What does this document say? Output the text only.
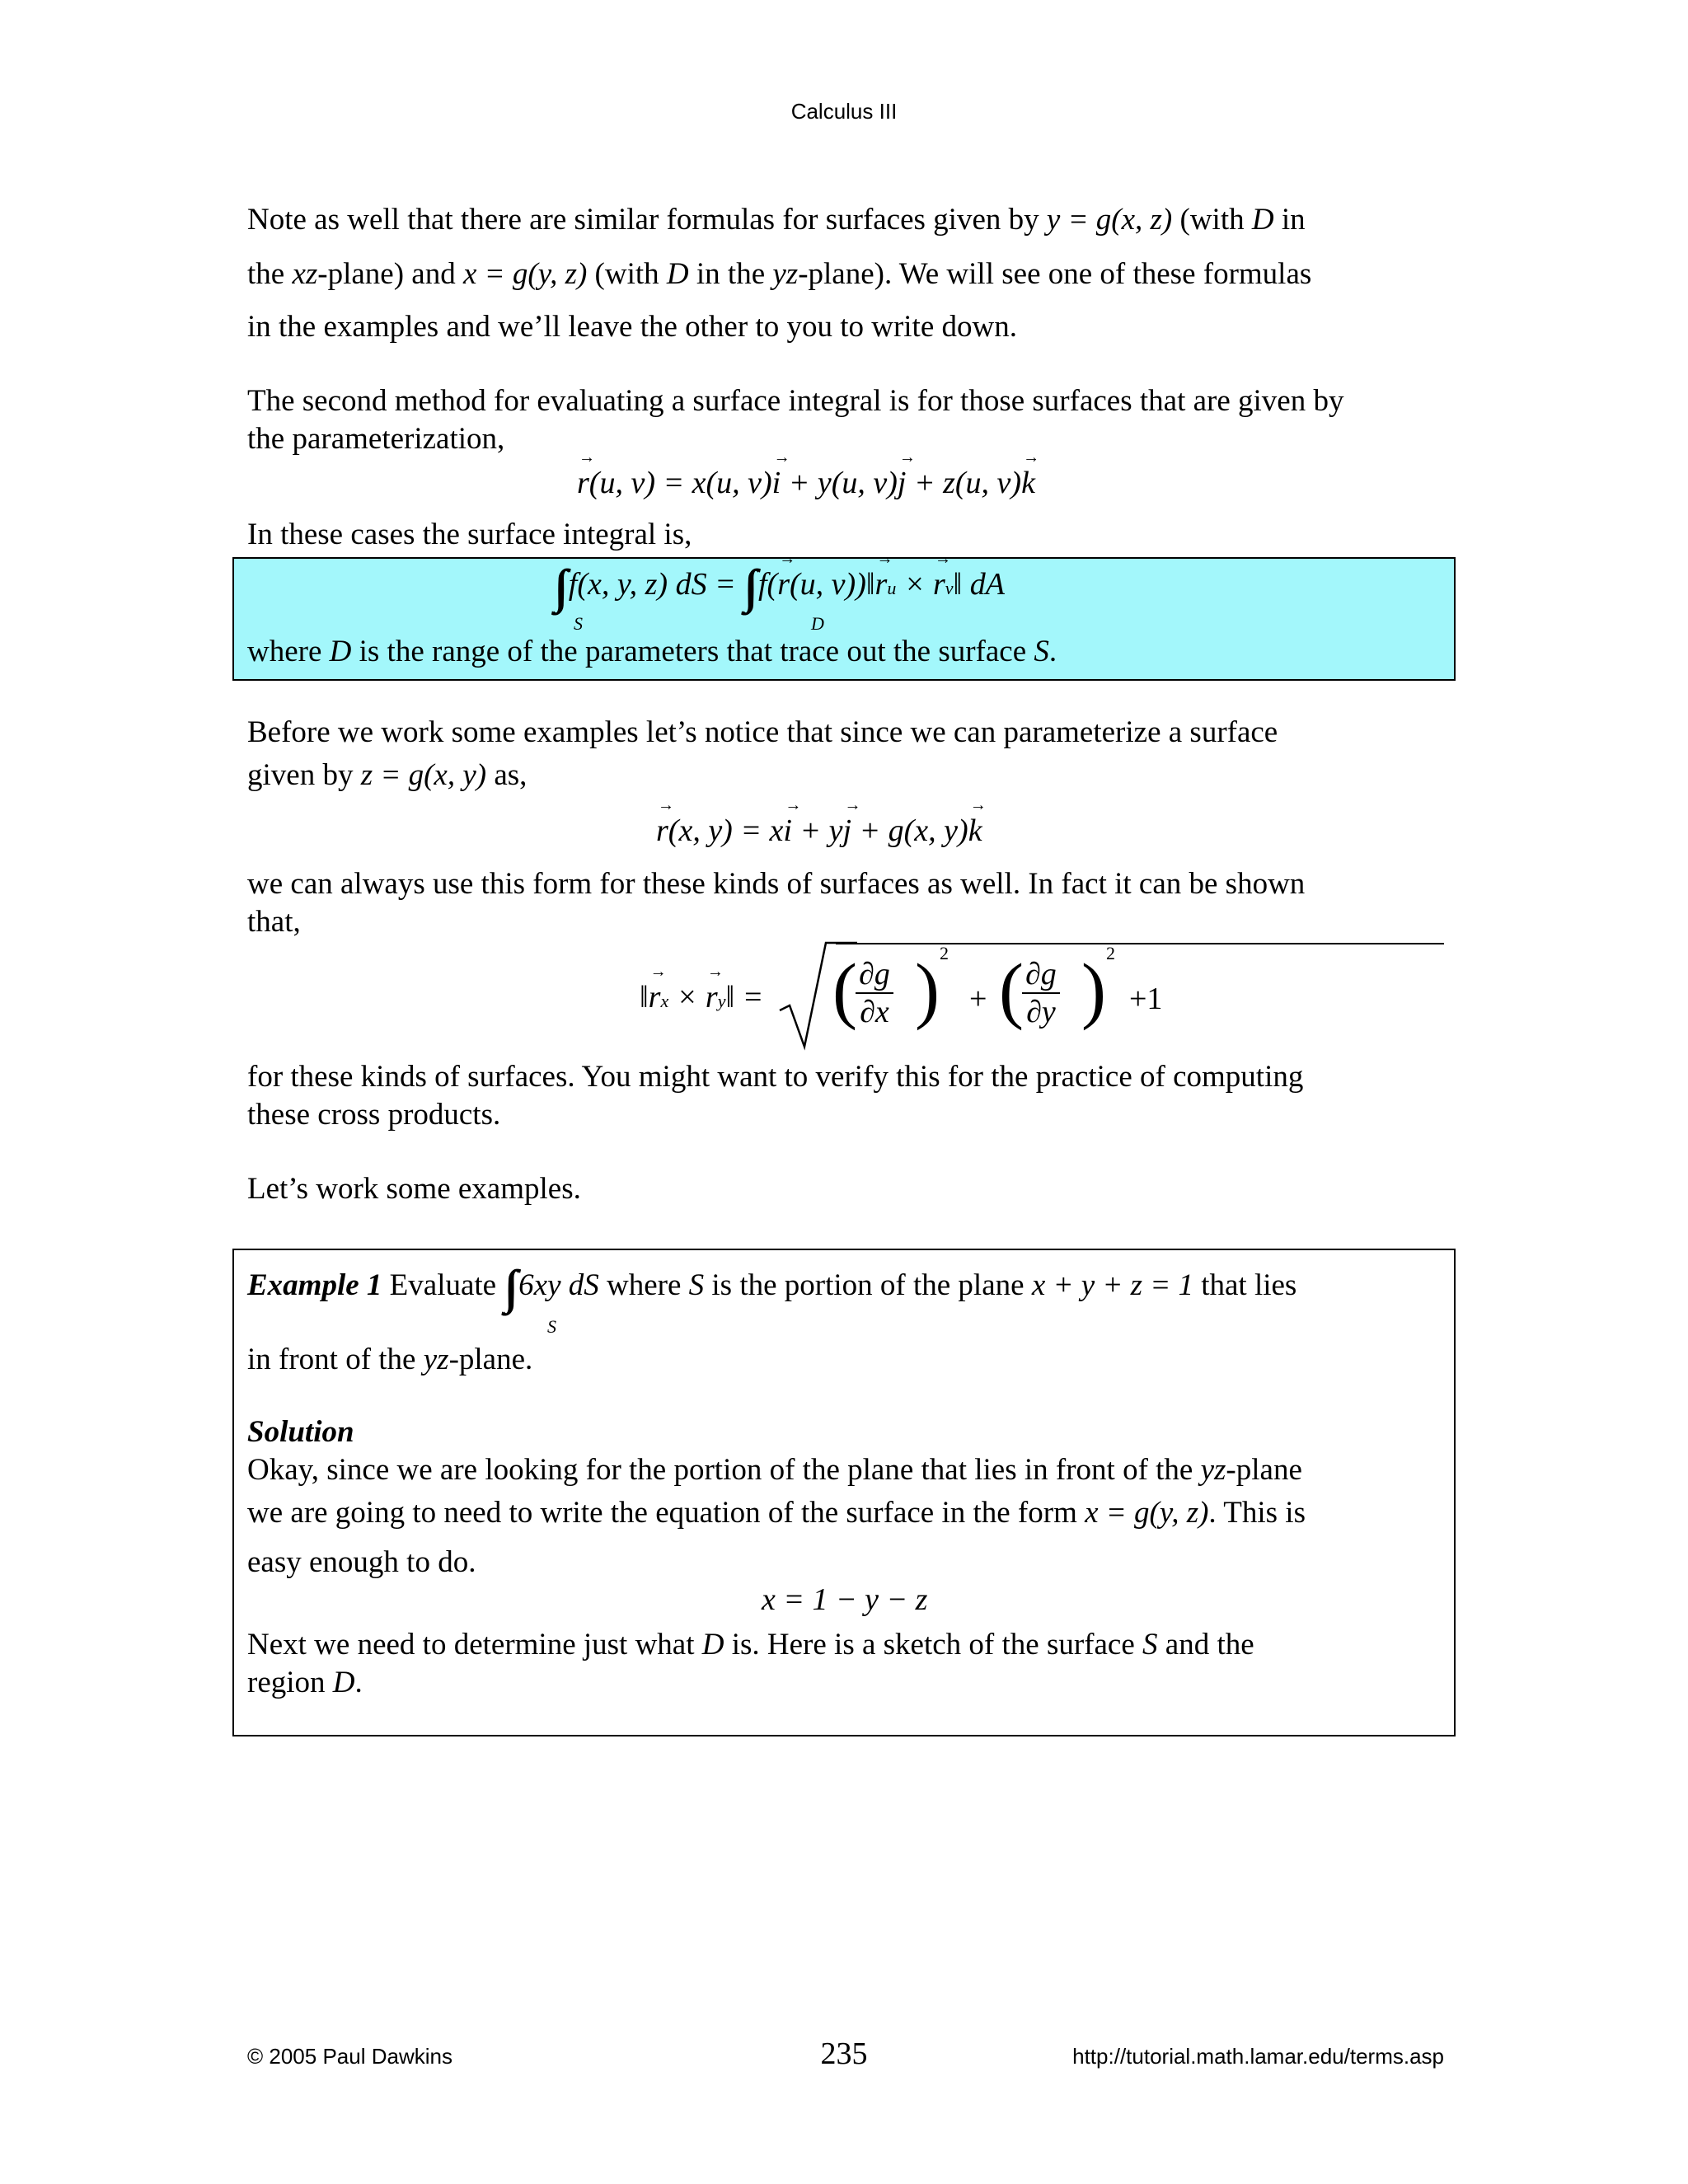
Calculus III
Note as well that there are similar formulas for surfaces given by y = g(x, z) (with D in
the xz-plane) and x = g(y, z) (with D in the yz-plane). We will see one of these formulas
in the examples and we’ll leave the other to you to write down.
The second method for evaluating a surface integral is for those surfaces that are given by
the parameterization,
→ r(u, v) = x(u, v)→ i + y(u, v)→ j + z(u, v)→ k
In these cases the surface integral is,
∫∫ f(x, y, z) dS = ∫∫ f(→ r(u, v))‖→ ru × → rv‖ dA
S	D
where D is the range of the parameters that trace out the surface S.
Before we work some examples let’s notice that since we can parameterize a surface
given by z = g(x, y) as,
→ r(x, y) = x→ i + y→ j + g(x, y)→ k
we can always use this form for these kinds of surfaces as well. In fact it can be shown
that,
‖→ rx × → ry‖ = (
$\frac{\partial g}{\partial x}$ ) 2
+ (
$\frac{\partial g}{\partial y}$ ) 2
+1
for these kinds of surfaces. You might want to verify this for the practice of computing
these cross products.
Let’s work some examples.
Example 1 Evaluate ∫∫ 6xy dS where S is the portion of the plane x + y + z = 1 that lies
S
in front of the yz-plane.
Solution
Okay, since we are looking for the portion of the plane that lies in front of the yz-plane
we are going to need to write the equation of the surface in the form x = g(y, z). This is
easy enough to do.
x = 1 − y − z
Next we need to determine just what D is. Here is a sketch of the surface S and the
region D.
© 2005 Paul Dawkins	235	http://tutorial.math.lamar.edu/terms.asp
